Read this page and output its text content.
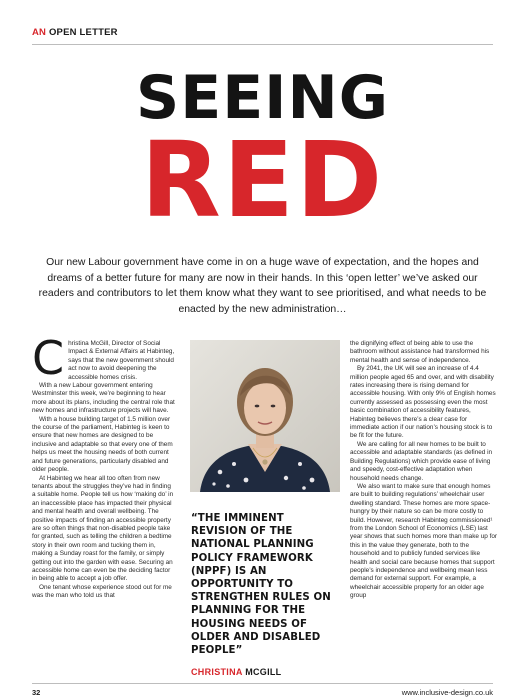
AN OPEN LETTER
SEEING
RED
Our new Labour government have come in on a huge wave of expectation, and the hopes and dreams of a better future for many are now in their hands. In this ‘open letter’ we’ve asked our readers and contributors to let them know what they want to see prioritised, and what needs to be enacted by the new administration…

Christina McGill, Director of Social Impact & External Affairs at Habinteg, says that the new government should act now to avoid deepening the accessible homes crisis.

With a new Labour government entering Westminster this week, we’re beginning to hear more about its plans, including the central role that new homes and infrastructure projects will have.

With a house building target of 1.5 million over the course of the parliament, Habinteg is keen to ensure that new homes are designed to be inclusive and adaptable so that every one of them helps us meet the housing needs of both current and future generations, particularly disabled and older people.

At Habinteg we hear all too often from new tenants about the struggles they’ve had in finding a suitable home. People tell us how ‘making do’ in an inaccessible place has impacted their physical and mental health and overall wellbeing. The positive impacts of finding an accessible property are so often things that non-disabled people take for granted, such as telling the children a bedtime story in their own room and tucking them in, making a Sunday roast for the family, or simply getting out into the garden with ease. Securing an accessible home can even be the deciding factor in being able to accept a job offer.

One tenant whose experience stood out for me was the man who told us that

“THE IMMINENT REVISION OF THE NATIONAL PLANNING POLICY FRAMEWORK (NPPF) IS AN OPPORTUNITY TO STRENGTHEN RULES ON PLANNING FOR THE HOUSING NEEDS OF OLDER AND DISABLED PEOPLE”
CHRISTINA MCGILL

the dignifying effect of being able to use the bathroom without assistance had transformed his mental health and sense of independence.

By 2041, the UK will see an increase of 4.4 million people aged 65 and over, and with disability rates increasing there is rising demand for accessible housing. With only 9% of English homes currently assessed as possessing even the most basic combination of accessibility features, Habinteg believes there’s a clear case for immediate action if our nation’s housing stock is to be fit for the future.

We are calling for all new homes to be built to accessible and adaptable standards (as defined in Building Regulations) which provide ease of living and speedy, cost-effective adaptation when household needs change.

We also want to make sure that enough homes are built to building regulations’ wheelchair user dwelling standard. These homes are more space-hungry by their nature so can be more costly to build. However, research Habinteg commissioned¹ from the London School of Economics (LSE) last year shows that such homes more than make up for this in the value they generate, both to the household and to publicly funded services like health and social care because homes that support people’s independence and wellbeing mean less demand for external support. For example, a wheelchair accessible property for an older age group

32	www.inclusive-design.co.uk
